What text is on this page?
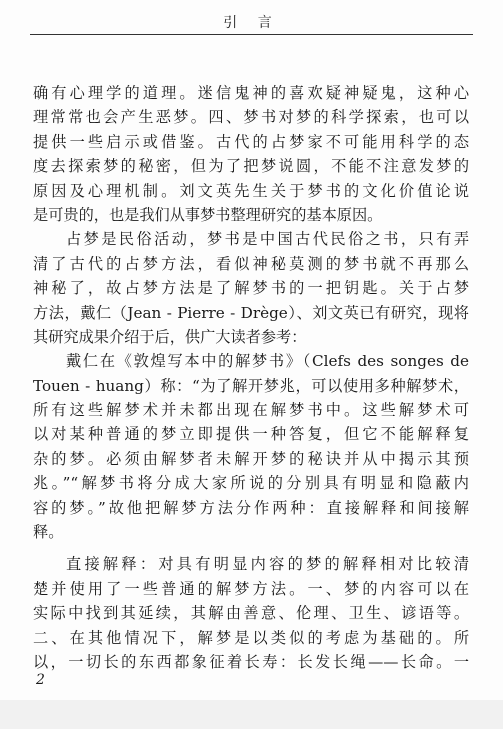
引 言
确有心理学的道理。迷信鬼神的喜欢疑神疑鬼，这种心
理常常也会产生恶梦。四、梦书对梦的科学探索，也可以
提供一些启示或借鉴。古代的占梦家不可能用科学的态
度去探索梦的秘密，但为了把梦说圆，不能不注意发梦的
原因及心理机制。刘文英先生关于梦书的文化价值论说
是可贵的，也是我们从事梦书整理研究的基本原因。
占梦是民俗活动，梦书是中国古代民俗之书，只有弄
清了古代的占梦方法，看似神秘莫测的梦书就不再那么
神秘了，故占梦方法是了解梦书的一把钥匙。关于占梦
方法，戴仁（Jean - Pierre - Drège）、刘文英已有研究，现将
其研究成果介绍于后，供广大读者参考：
戴仁在《敦煌写本中的解梦书》（Clefs des songes de
Touen - huang）称：“为了解开梦兆，可以使用多种解梦术，
所有这些解梦术并未都出现在解梦书中。这些解梦术可
以对某种普通的梦立即提供一种答复，但它不能解释复
杂的梦。必须由解梦者未解开梦的秘诀并从中揭示其预
兆。”“解梦书将分成大家所说的分别具有明显和隐蔽内
容的梦。”故他把解梦方法分作两种：直接解释和间接解
释。
直接解释：对具有明显内容的梦的解释相对比较清
楚并使用了一些普通的解梦方法。一、梦的内容可以在
实际中找到其延续，其解由善意、伦理、卫生、谚语等。
二、在其他情况下，解梦是以类似的考虑为基础的。所
以，一切长的东西都象征着长寿：长发长绳——长命。一
2
